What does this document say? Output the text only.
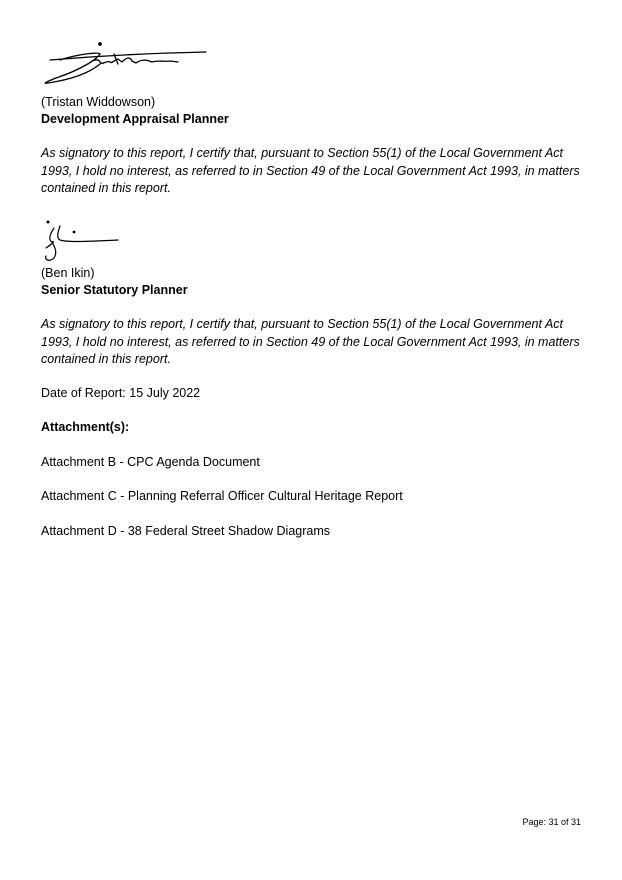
(Tristan Widdowson)
Development Appraisal Planner
As signatory to this report, I certify that, pursuant to Section 55(1) of the Local Government Act 1993, I hold no interest, as referred to in Section 49 of the Local Government Act 1993, in matters contained in this report.
(Ben Ikin)
Senior Statutory Planner
As signatory to this report, I certify that, pursuant to Section 55(1) of the Local Government Act 1993, I hold no interest, as referred to in Section 49 of the Local Government Act 1993, in matters contained in this report.
Date of Report: 15 July 2022
Attachment(s):
Attachment B - CPC Agenda Document
Attachment C - Planning Referral Officer Cultural Heritage Report
Attachment D - 38 Federal Street Shadow Diagrams
Page: 31 of 31
